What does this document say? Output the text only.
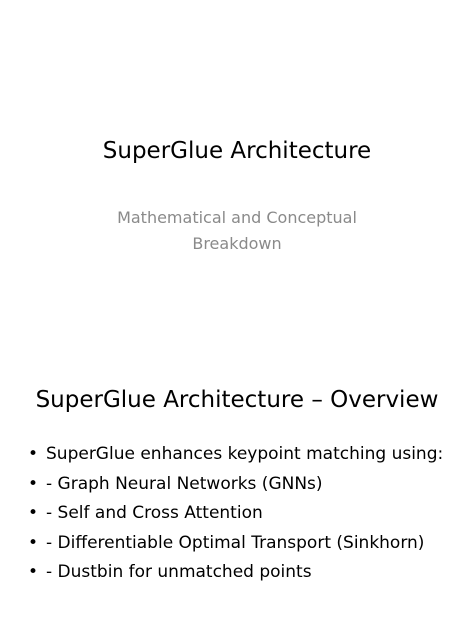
SuperGlue Architecture
Mathematical and Conceptual
Breakdown
SuperGlue Architecture – Overview
• SuperGlue enhances keypoint matching using:
• - Graph Neural Networks (GNNs)
• - Self and Cross Attention
• - Differentiable Optimal Transport (Sinkhorn)
• - Dustbin for unmatched points
